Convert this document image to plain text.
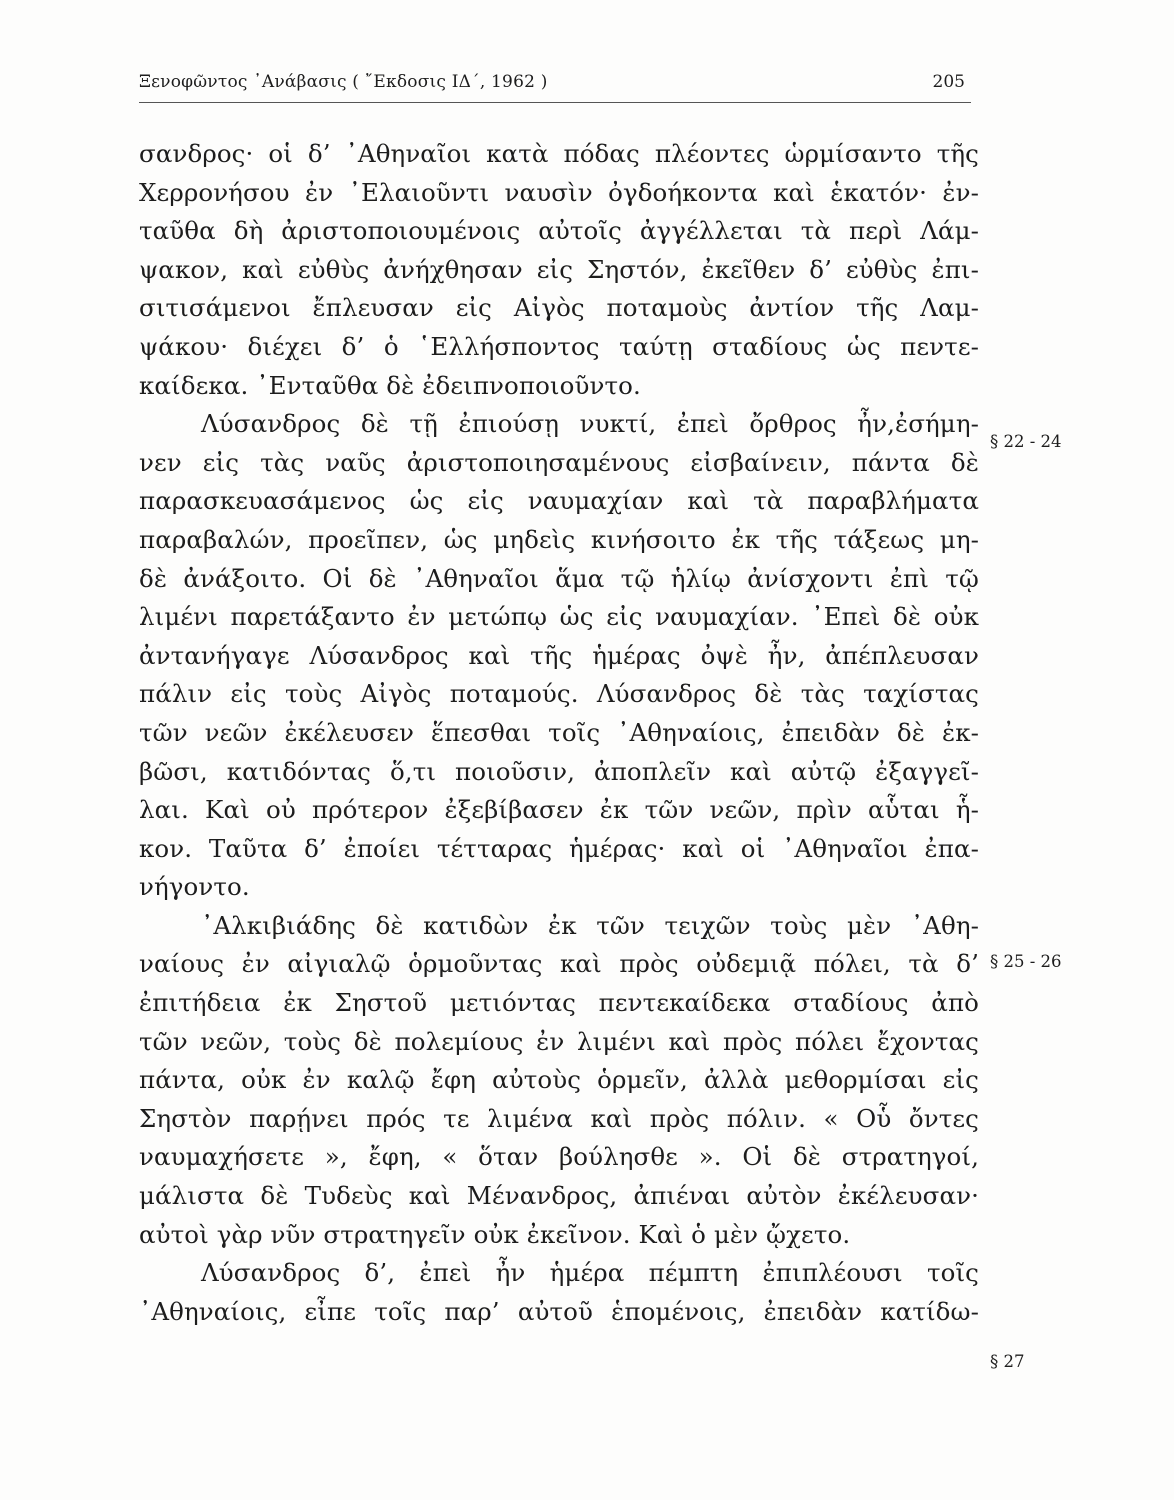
Ξενοφῶντος ᾿Ανάβασις ( ῎Εκδοσις ΙΔ΄, 1962 )	205
σανδρος· οἱ δ’ ᾿Αθηναῖοι κατὰ πόδας πλέοντες ὡρμίσαντο τῆς
Χερρονήσου ἐν ᾿Ελαιοῦντι ναυσὶν ὀγδοήκοντα καὶ ἑκατόν· ἐν-
ταῦθα δὴ ἀριστοποιουμένοις αὐτοῖς ἀγγέλλεται τὰ περὶ Λάμ-
ψακον, καὶ εὐθὺς ἀνήχθησαν εἰς Σηστόν, ἐκεῖθεν δ’ εὐθὺς ἐπι-
σιτισάμενοι ἔπλευσαν εἰς Αἰγὸς ποταμοὺς ἀντίον τῆς Λαμ-
ψάκου· διέχει δ’ ὁ ῾Ελλήσποντος ταύτῃ σταδίους ὡς πεντε-
καίδεκα. ᾿Ενταῦθα δὲ ἐδειπνοποιοῦντο.
Λύσανδρος δὲ τῇ ἐπιούσῃ νυκτί, ἐπεὶ ὄρθρος ἦν,ἐσήμη-
νεν εἰς τὰς ναῦς ἀριστοποιησαμένους εἰσβαίνειν, πάντα δὲ
παρασκευασάμενος ὡς εἰς ναυμαχίαν καὶ τὰ παραβλήματα
παραβαλών, προεῖπεν, ὡς μηδεὶς κινήσοιτο ἐκ τῆς τάξεως μη-
δὲ ἀνάξοιτο. Οἱ δὲ ᾿Αθηναῖοι ἅμα τῷ ἡλίῳ ἀνίσχοντι ἐπὶ τῷ
λιμένι παρετάξαντο ἐν μετώπῳ ὡς εἰς ναυμαχίαν. ᾿Επεὶ δὲ οὐκ
ἀντανήγαγε Λύσανδρος καὶ τῆς ἡμέρας ὀψὲ ἦν, ἀπέπλευσαν
πάλιν εἰς τοὺς Αἰγὸς ποταμούς. Λύσανδρος δὲ τὰς ταχίστας
τῶν νεῶν ἐκέλευσεν ἕπεσθαι τοῖς ᾿Αθηναίοις, ἐπειδὰν δὲ ἐκ-
βῶσι, κατιδόντας ὅ,τι ποιοῦσιν, ἀποπλεῖν καὶ αὐτῷ ἐξαγγεῖ-
λαι. Καὶ οὐ πρότερον ἐξεβίβασεν ἐκ τῶν νεῶν, πρὶν αὗται ἧ-
κον. Ταῦτα δ’ ἐποίει τέτταρας ἡμέρας· καὶ οἱ ᾿Αθηναῖοι ἐπα-
νήγοντο.
᾿Αλκιβιάδης δὲ κατιδὼν ἐκ τῶν τειχῶν τοὺς μὲν ᾿Αθη-
ναίους ἐν αἰγιαλῷ ὁρμοῦντας καὶ πρὸς οὐδεμιᾷ πόλει, τὰ δ’
ἐπιτήδεια ἐκ Σηστοῦ μετιόντας πεντεκαίδεκα σταδίους ἀπὸ
τῶν νεῶν, τοὺς δὲ πολεμίους ἐν λιμένι καὶ πρὸς πόλει ἔχοντας
πάντα, οὐκ ἐν καλῷ ἔφη αὐτοὺς ὁρμεῖν, ἀλλὰ μεθορμίσαι εἰς
Σηστὸν παρῄνει πρός τε λιμένα καὶ πρὸς πόλιν. « Οὗ ὄντες
ναυμαχήσετε », ἔφη, « ὅταν βούλησθε ». Οἱ δὲ στρατηγοί,
μάλιστα δὲ Τυδεὺς καὶ Μένανδρος, ἀπιέναι αὐτὸν ἐκέλευσαν·
αὐτοὶ γὰρ νῦν στρατηγεῖν οὐκ ἐκεῖνον. Καὶ ὁ μὲν ᾤχετο.
Λύσανδρος δ’, ἐπεὶ ἦν ἡμέρα πέμπτη ἐπιπλέουσι τοῖς
᾿Αθηναίοις, εἶπε τοῖς παρ’ αὐτοῦ ἑπομένοις, ἐπειδὰν κατίδω-
§ 22 - 24
§ 25 - 26
§ 27
